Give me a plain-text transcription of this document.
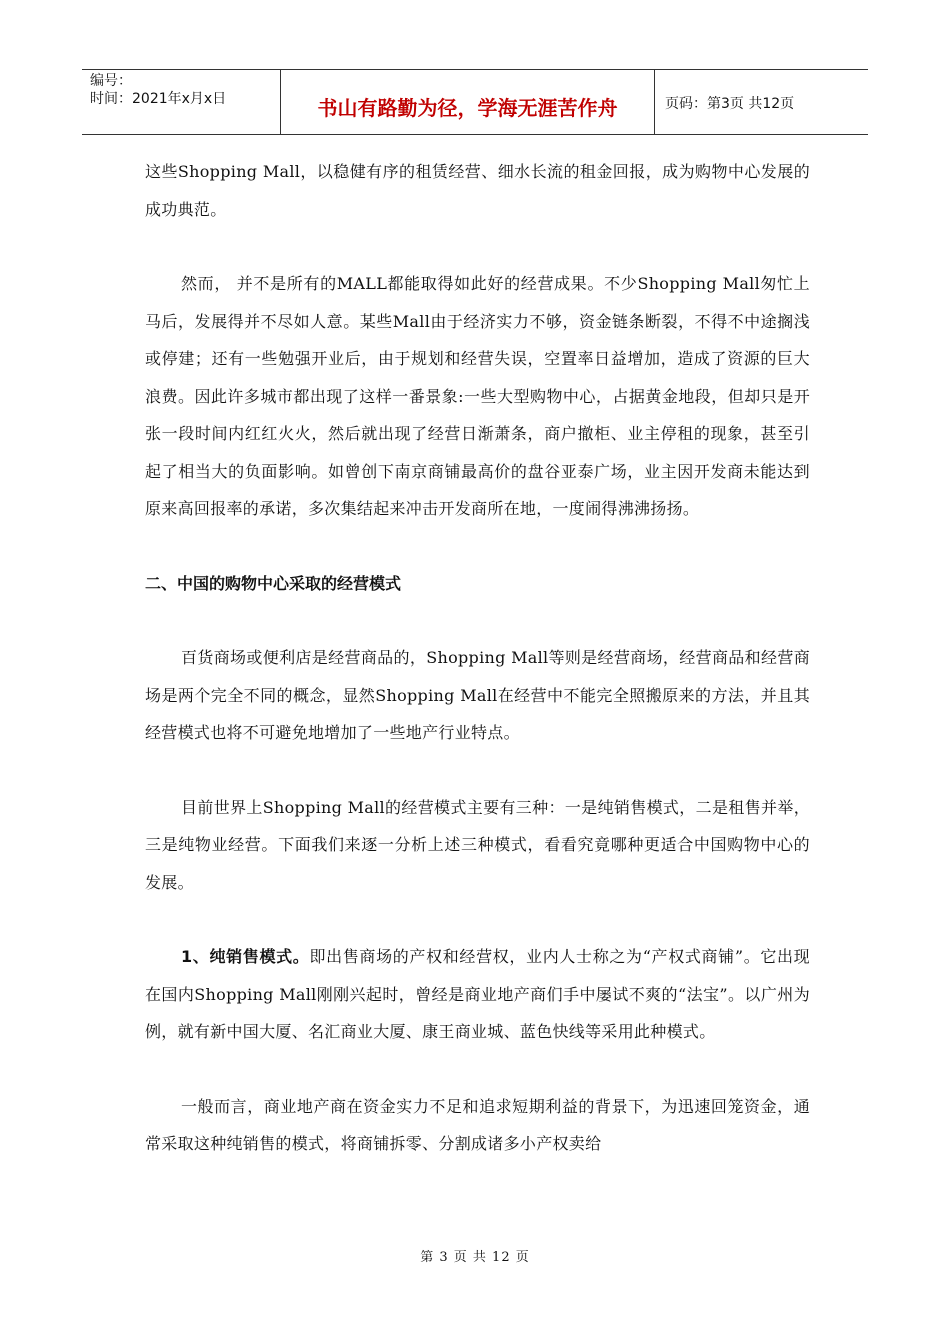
编号：
时间：2021年x月x日	书山有路勤为径，学海无涯苦作舟	页码：第3页 共12页

这些Shopping Mall，以稳健有序的租赁经营、细水长流的租金回报，成为购物中心发展的成功典范。

然而， 并不是所有的MALL都能取得如此好的经营成果。不少Shopping Mall匆忙上马后，发展得并不尽如人意。某些Mall由于经济实力不够，资金链条断裂，不得不中途搁浅或停建；还有一些勉强开业后，由于规划和经营失误，空置率日益增加，造成了资源的巨大浪费。因此许多城市都出现了这样一番景象:一些大型购物中心，占据黄金地段，但却只是开张一段时间内红红火火，然后就出现了经营日渐萧条，商户撤柜、业主停租的现象，甚至引起了相当大的负面影响。如曾创下南京商铺最高价的盘谷亚泰广场，业主因开发商未能达到原来高回报率的承诺，多次集结起来冲击开发商所在地，一度闹得沸沸扬扬。

二、中国的购物中心采取的经营模式

百货商场或便利店是经营商品的，Shopping Mall等则是经营商场，经营商品和经营商场是两个完全不同的概念，显然Shopping Mall在经营中不能完全照搬原来的方法，并且其经营模式也将不可避免地增加了一些地产行业特点。

目前世界上Shopping Mall的经营模式主要有三种：一是纯销售模式，二是租售并举，三是纯物业经营。下面我们来逐一分析上述三种模式，看看究竟哪种更适合中国购物中心的发展。

1、纯销售模式。即出售商场的产权和经营权，业内人士称之为“产权式商铺”。它出现在国内Shopping Mall刚刚兴起时，曾经是商业地产商们手中屡试不爽的“法宝”。以广州为例，就有新中国大厦、名汇商业大厦、康王商业城、蓝色快线等采用此种模式。

一般而言，商业地产商在资金实力不足和追求短期利益的背景下，为迅速回笼资金，通常采取这种纯销售的模式，将商铺拆零、分割成诸多小产权卖给

第 3 页 共 12 页
